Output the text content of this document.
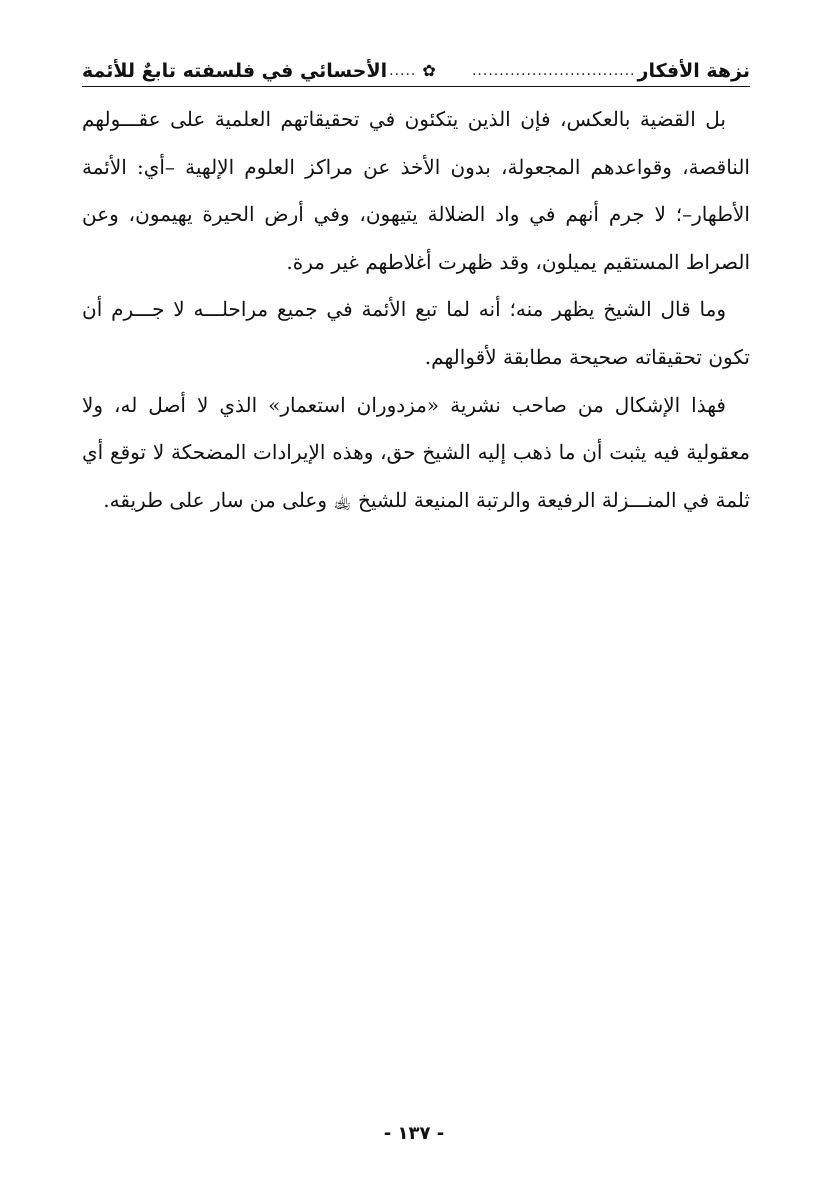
نزهة الأفكار
..............................
✿
.....
الأحسائي في فلسفته تابعٌ للأئمة

بل القضية بالعكس، فإن الذين يتكئون في تحقيقاتهم العلمية على عقـــولهم الناقصة، وقواعدهم المجعولة، بدون الأخذ عن مراكز العلوم الإلهية –أي: الأئمة الأطهار–؛ لا جرم أنهم في واد الضلالة يتيهون، وفي أرض الحيرة يهيمون، وعن الصراط المستقيم يميلون، وقد ظهرت أغلاطهم غير مرة.

وما قال الشيخ يظهر منه؛ أنه لما تبع الأئمة في جميع مراحلـــه لا جـــرم أن تكون تحقيقاته صحيحة مطابقة لأقوالهم.

فهذا الإشكال من صاحب نشرية «مزدوران استعمار» الذي لا أصل له، ولا معقولية فيه يثبت أن ما ذهب إليه الشيخ حق، وهذه الإيرادات المضحكة لا توقع أي ثلمة في المنـــزلة الرفيعة والرتبة المنيعة للشيخ ﵀ وعلى من سار على طريقه.

- ١٣٧ -
